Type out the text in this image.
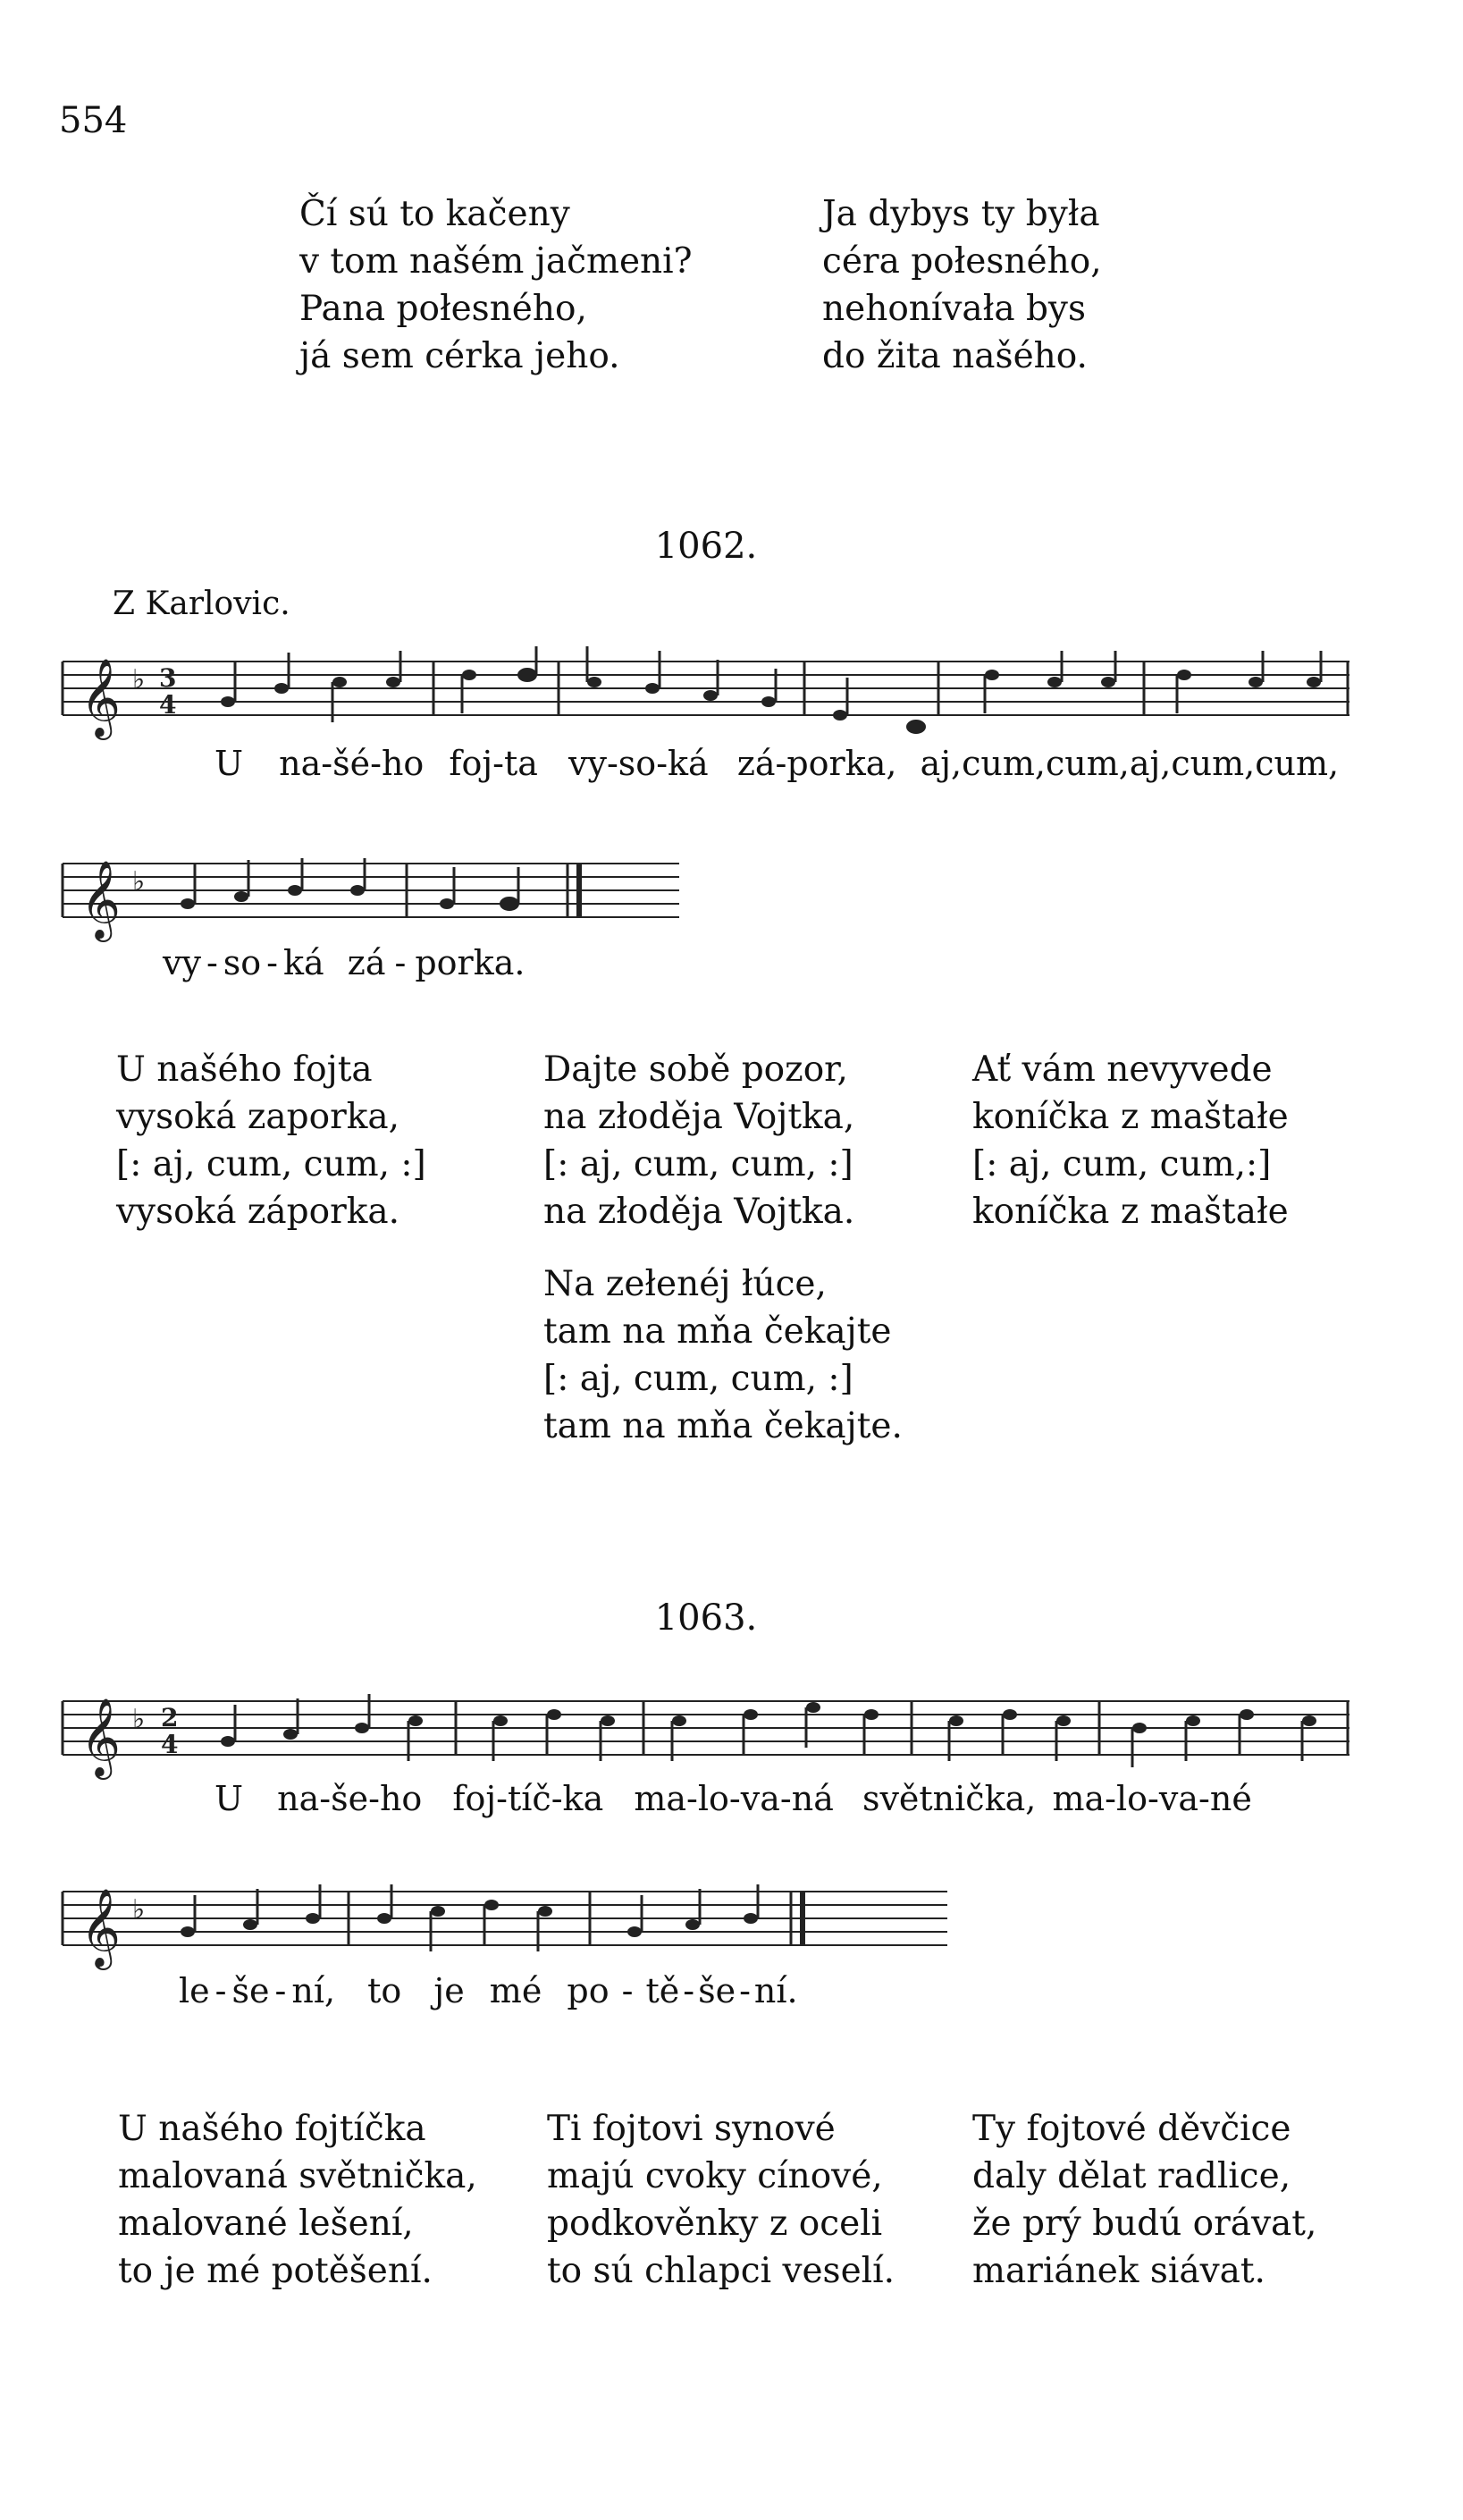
554
Čí sú to kačeny
v tom našém jačmeni?
Pana połesného,
já sem cérka jeho.
Ja dybys ty była
céra połesného,
nehonívała bys
do žita našého.
1062.
Z Karlovic.
𝄞 ♭ 3
4
U na-šé-ho foj-ta vy-so-ká zá-porka, aj,cum,cum,aj,cum,cum,
𝄞 ♭
vy - so - ká zá - porka.
U našého fojta
vysoká zaporka,
[: aj, cum, cum, :]
vysoká záporka.
Dajte sobě pozor,
na złoděja Vojtka,
[: aj, cum, cum, :]
na złoděja Vojtka.
Ať vám nevyvede
koníčka z maštałe
[: aj, cum, cum,:]
koníčka z maštałe
Na zełenéj łúce,
tam na mňa čekajte
[: aj, cum, cum, :]
tam na mňa čekajte.
1063.
𝄞 ♭ 2
4
U na-še-ho foj-tíč-ka ma-lo-va-ná světnička, ma-lo-va-né
𝄞 ♭
le - še - ní, to je mé po - tě - še - ní.
U našého fojtíčka
malovaná světnička,
malované lešení,
to je mé potěšení.
Ti fojtovi synové
majú cvoky cínové,
podkověnky z oceli
to sú chlapci veselí.
Ty fojtové děvčice
daly dělat radlice,
že prý budú orávat,
mariánek siávat.
